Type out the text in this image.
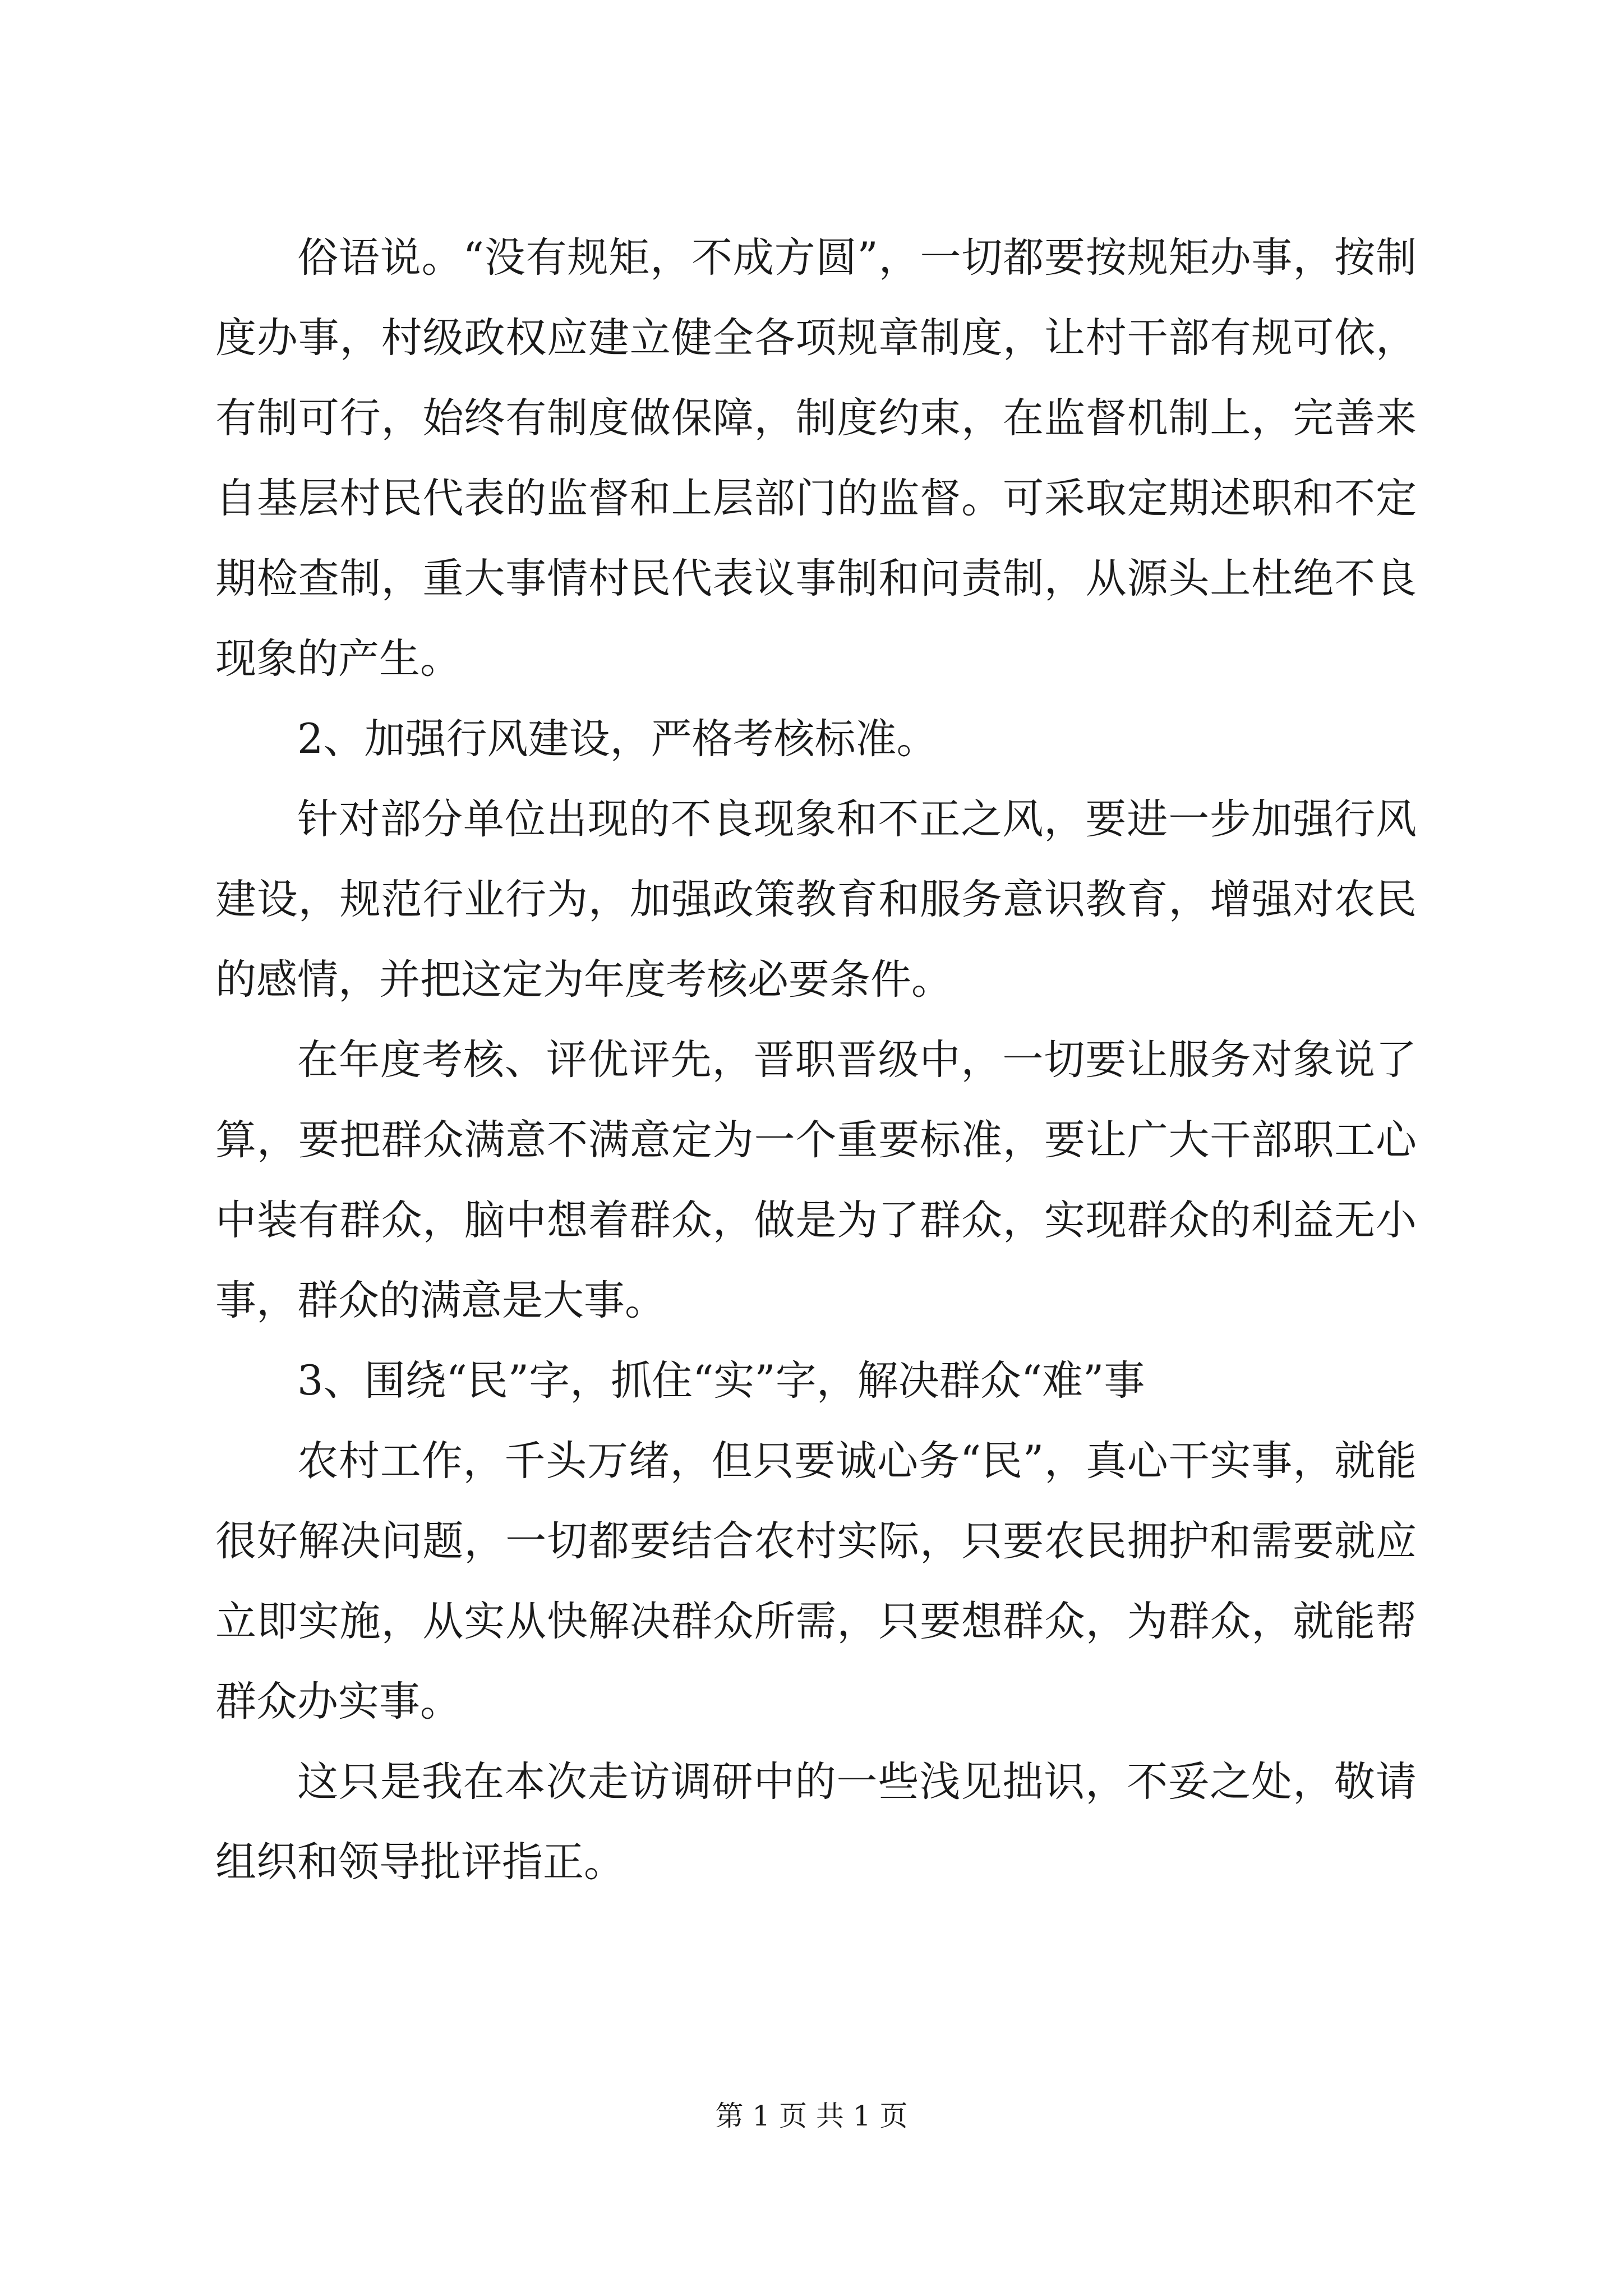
俗语说。“没有规矩，不成方圆”，一切都要按规矩办事，按制度办事，村级政权应建立健全各项规章制度，让村干部有规可依，有制可行，始终有制度做保障，制度约束，在监督机制上，完善来自基层村民代表的监督和上层部门的监督。可采取定期述职和不定期检查制，重大事情村民代表议事制和问责制，从源头上杜绝不良现象的产生。

2、加强行风建设，严格考核标准。

针对部分单位出现的不良现象和不正之风，要进一步加强行风建设，规范行业行为，加强政策教育和服务意识教育，增强对农民的感情，并把这定为年度考核必要条件。

在年度考核、评优评先，晋职晋级中，一切要让服务对象说了算，要把群众满意不满意定为一个重要标准，要让广大干部职工心中装有群众，脑中想着群众，做是为了群众，实现群众的利益无小事，群众的满意是大事。

3、围绕“民”字，抓住“实”字，解决群众“难”事

农村工作，千头万绪，但只要诚心务“民”，真心干实事，就能很好解决问题，一切都要结合农村实际，只要农民拥护和需要就应立即实施，从实从快解决群众所需，只要想群众，为群众，就能帮群众办实事。

这只是我在本次走访调研中的一些浅见拙识，不妥之处，敬请组织和领导批评指正。

第 1 页 共 1 页
